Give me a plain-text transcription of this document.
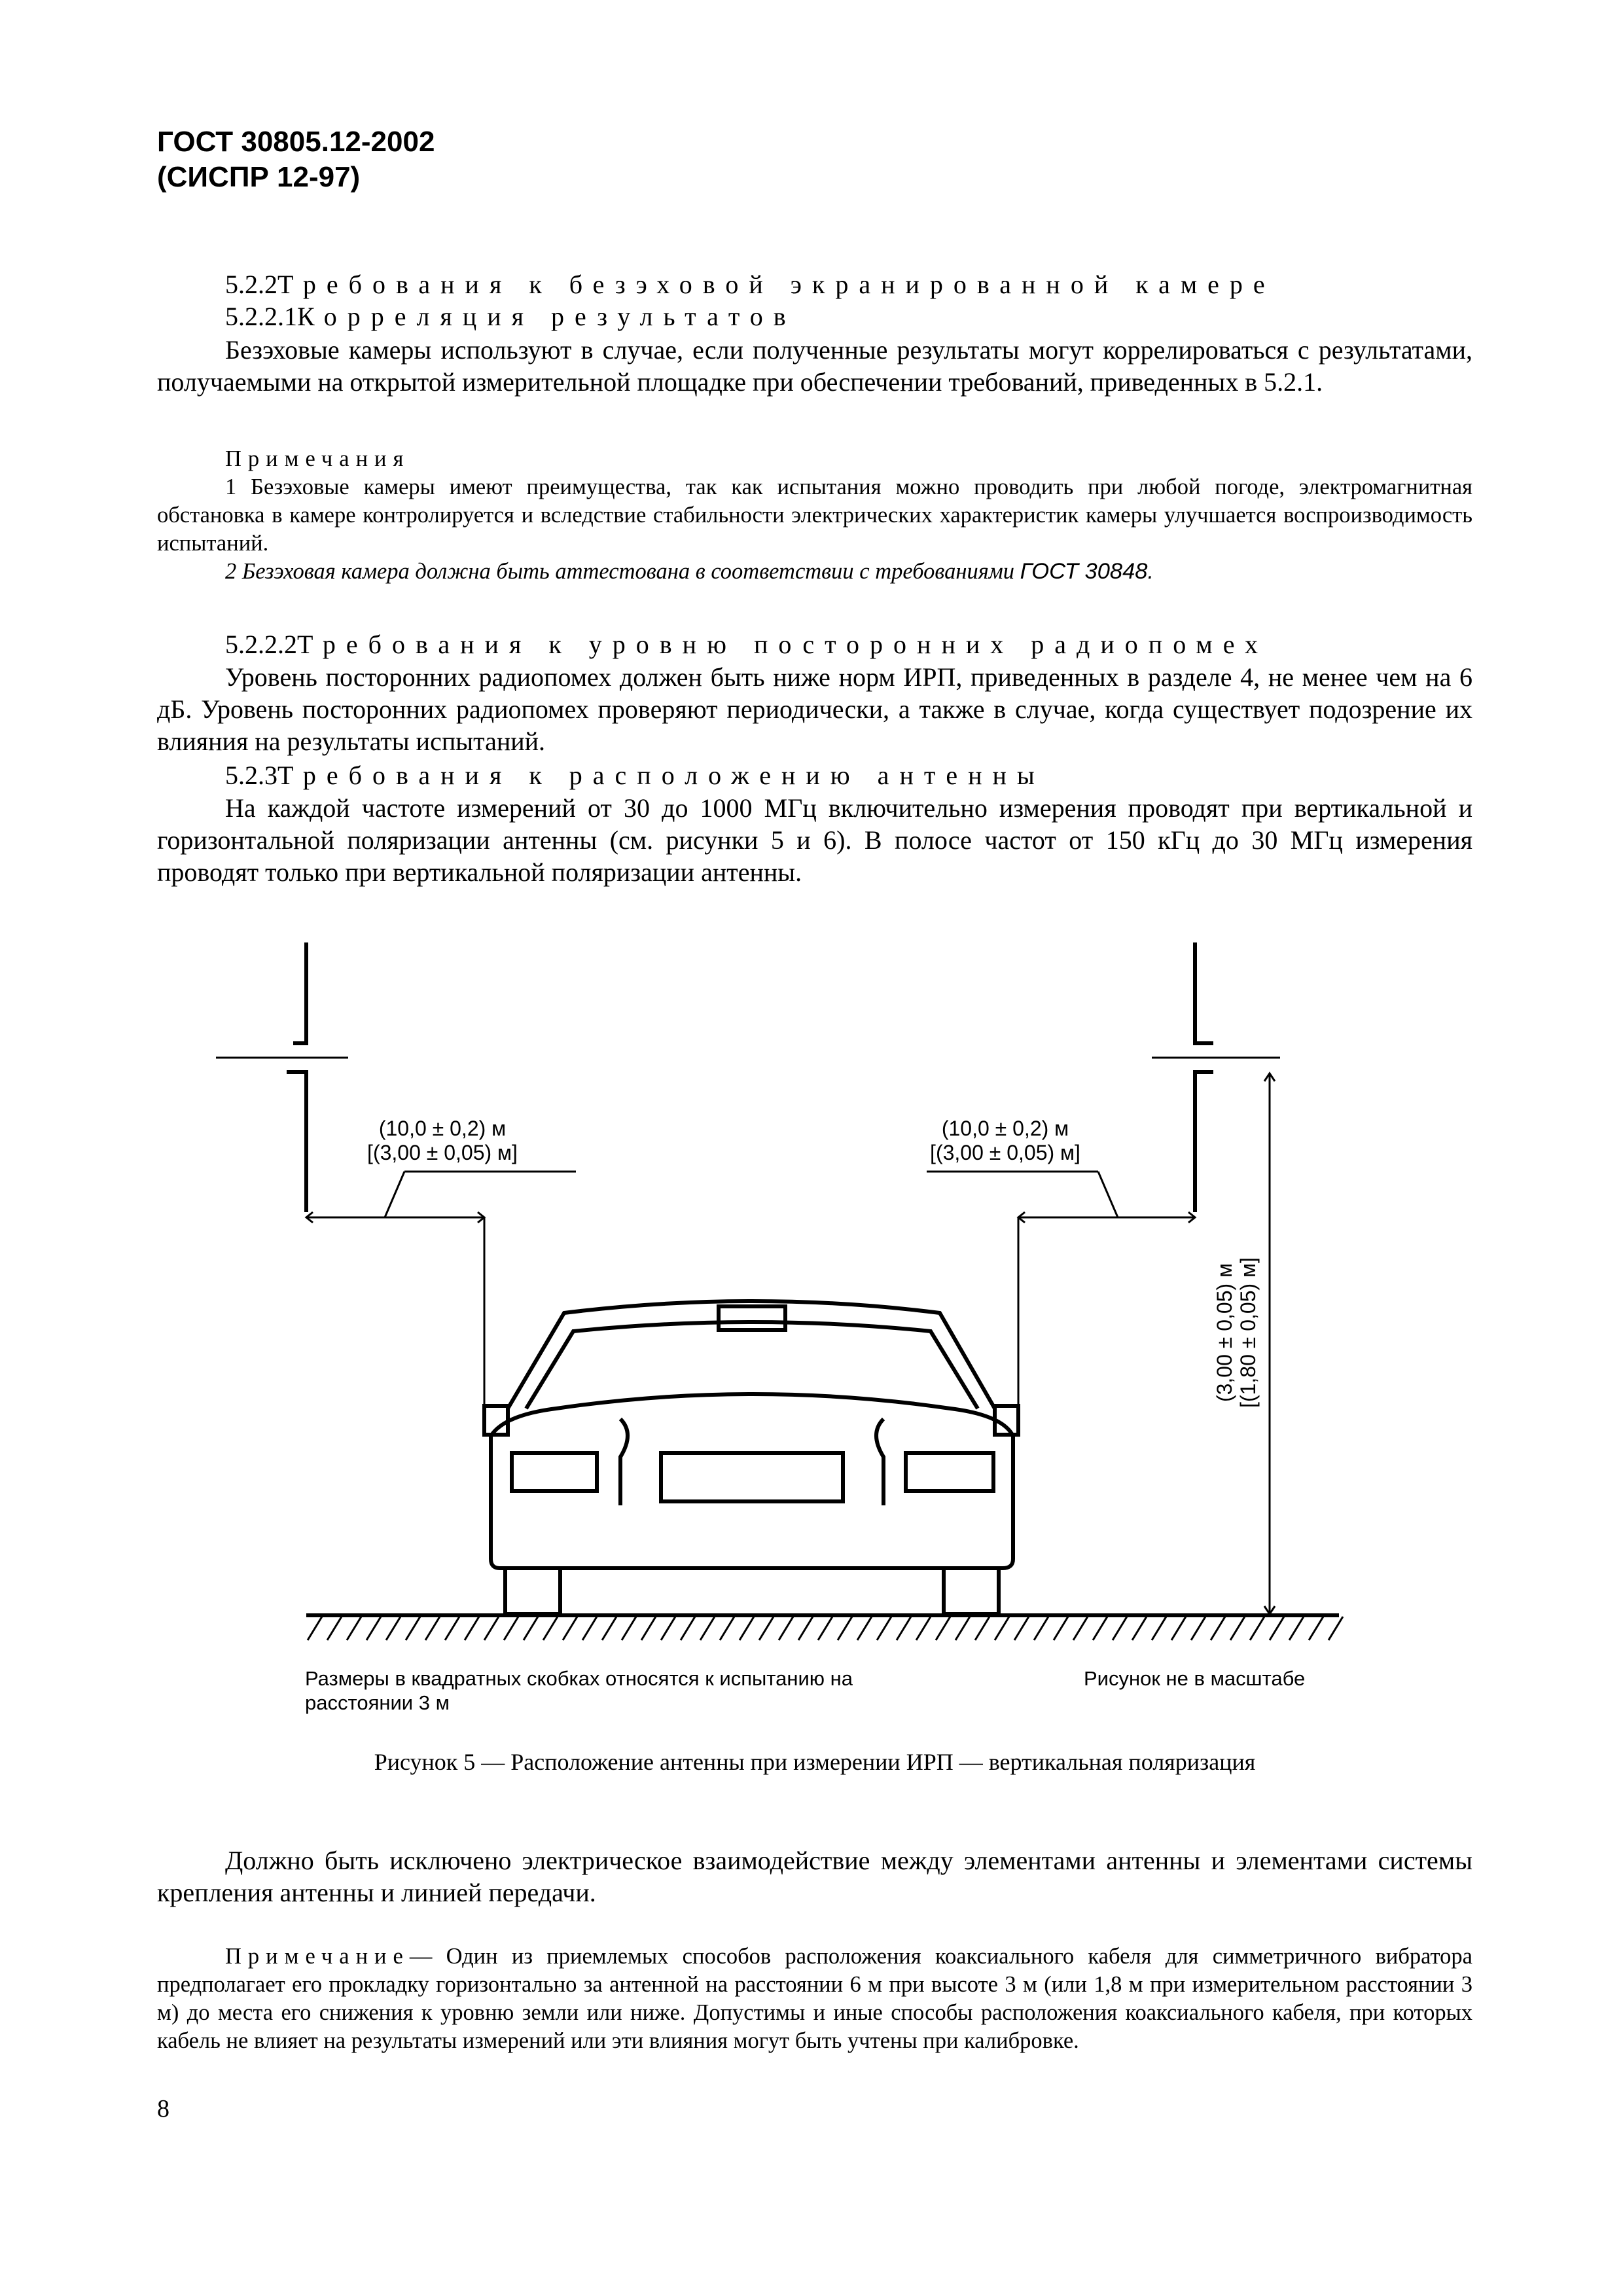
ГОСТ 30805.12-2002
(СИСПР 12-97)
5.2.2Требования к безэховой экранированной камере
5.2.2.1Корреляция результатов
Безэховые камеры используют в случае, если полученные результаты могут коррелироваться с результатами, получаемыми на открытой измерительной площадке при обеспечении требований, приведенных в 5.2.1.
Примечания
1 Безэховые камеры имеют преимущества, так как испытания можно проводить при любой погоде, электромагнитная обстановка в камере контролируется и вследствие стабильности электрических характеристик камеры улучшается воспроизводимость испытаний.
2 Безэховая камера должна быть аттестована в соответствии с требованиями ГОСТ 30848.
5.2.2.2Требования к уровню посторонних радиопомех
Уровень посторонних радиопомех должен быть ниже норм ИРП, приведенных в разделе 4, не менее чем на 6 дБ. Уровень посторонних радиопомех проверяют периодически, а также в случае, когда существует подозрение их влияния на результаты испытаний.
5.2.3Требования к расположению антенны
На каждой частоте измерений от 30 до 1000 МГц включительно измерения проводят при вертикальной и горизонтальной поляризации антенны (см. рисунки 5 и 6). В полосе частот от 150 кГц до 30 МГц измерения проводят только при вертикальной поляризации антенны.
(10,0 ± 0,2) м
[(3,00 ± 0,05) м]
(10,0 ± 0,2) м
[(3,00 ± 0,05) м]
(3,00 ± 0,05) м [(1,80 ± 0,05) м]
Размеры в квадратных скобках относятся к испытанию на расстоянии 3 м
Рисунок не в масштабе
Рисунок 5 — Расположение антенны при измерении ИРП — вертикальная поляризация
Должно быть исключено электрическое взаимодействие между элементами антенны и элементами системы крепления антенны и линией передачи.
Примечание— Один из приемлемых способов расположения коаксиального кабеля для симметричного вибратора предполагает его прокладку горизонтально за антенной на расстоянии 6 м при высоте 3 м (или 1,8 м при измерительном расстоянии 3 м) до места его снижения к уровню земли или ниже. Допустимы и иные способы расположения коаксиального кабеля, при которых кабель не влияет на результаты измерений или эти влияния могут быть учтены при калибровке.
8
